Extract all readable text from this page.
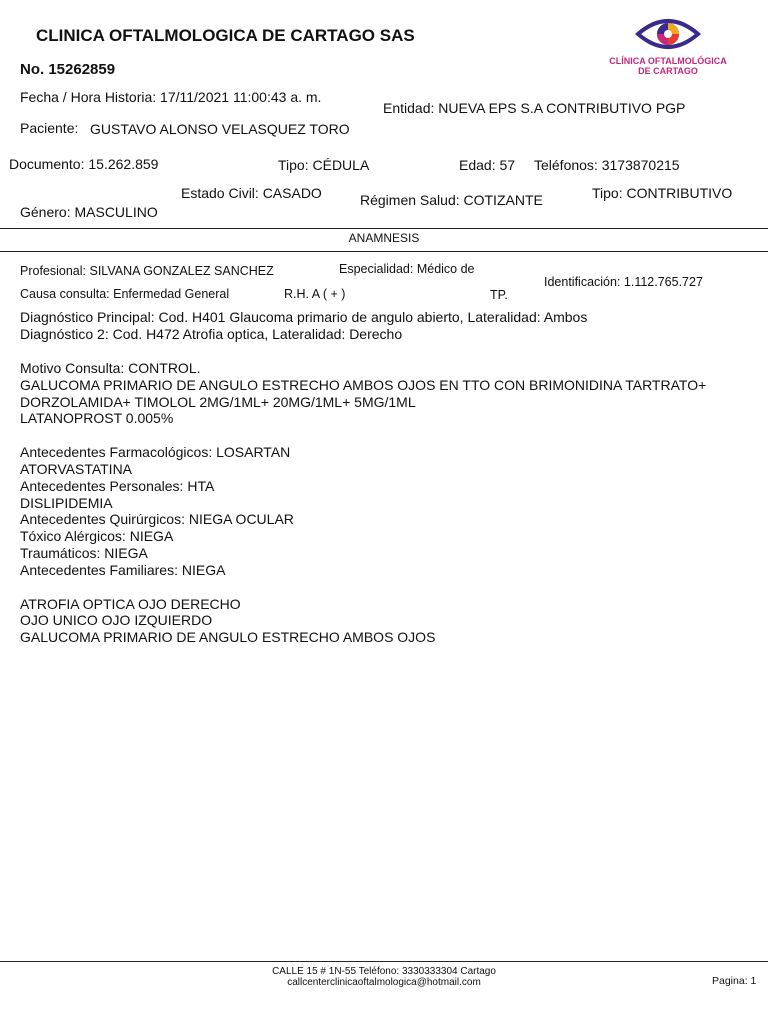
CLINICA OFTALMOLOGICA DE CARTAGO SAS
No. 15262859	CLÍNICA OFTALMOLÓGICA
DE CARTAGO
Fecha / Hora Historia: 17/11/2021 11:00:43 a. m.
Entidad: NUEVA EPS S.A CONTRIBUTIVO PGP
Paciente: GUSTAVO ALONSO VELASQUEZ TORO
Documento: 15.262.859	Tipo: CÉDULA	Edad: 57 Teléfonos: 3173870215
Estado Civil: CASADO	Régimen Salud: COTIZANTE	Tipo: CONTRIBUTIVO
Género: MASCULINO
ANAMNESIS
Profesional: SILVANA GONZALEZ SANCHEZ	Especialidad: Médico de
Identificación: 1.112.765.727
Causa consulta: Enfermedad General	R.H. A ( + )	TP.
Diagnóstico Principal: Cod. H401 Glaucoma primario de angulo abierto, Lateralidad: Ambos
Diagnóstico 2: Cod. H472 Atrofia optica, Lateralidad: Derecho
Motivo Consulta: CONTROL.
GALUCOMA PRIMARIO DE ANGULO ESTRECHO AMBOS OJOS EN TTO CON BRIMONIDINA TARTRATO+
DORZOLAMIDA+ TIMOLOL 2MG/1ML+ 20MG/1ML+ 5MG/1ML
LATANOPROST 0.005%
Antecedentes Farmacológicos: LOSARTAN
ATORVASTATINA
Antecedentes Personales: HTA
DISLIPIDEMIA
Antecedentes Quirúrgicos: NIEGA OCULAR
Tóxico Alérgicos: NIEGA
Traumáticos: NIEGA
Antecedentes Familiares: NIEGA
ATROFIA OPTICA OJO DERECHO
OJO UNICO OJO IZQUIERDO
GALUCOMA PRIMARIO DE ANGULO ESTRECHO AMBOS OJOS
CALLE 15 # 1N-55 Teléfono: 3330333304 Cartago
callcenterclinicaoftalmologica@hotmail.com	Pagina: 1
